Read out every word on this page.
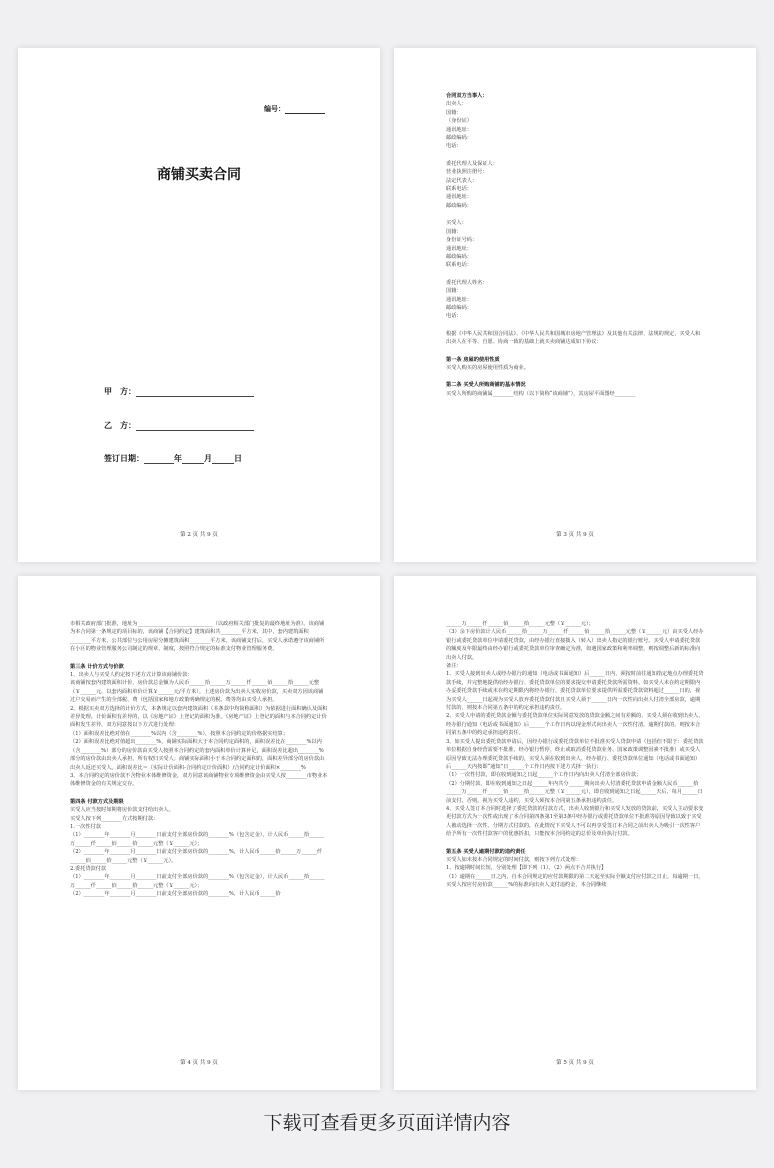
编号：
商铺买卖合同
甲　方：
乙　方：
签订日期：	年	月	日
第 2 页 共 9 页
合同双方当事人：
出卖人：
国籍：
（身份证）
通讯地址：
邮政编码：
电话：
委托代理人及保证人：
营业执照注册号：
法定代表人：
联系电话：
通讯地址：
邮政编码：
买受人：
国籍：
身份证号码：
通讯地址：
邮政编码：
联系电话：
委托代理人姓名：
国籍：
通讯地址：
邮政编码：
电话：
根据《中华人民共和国合同法》、《中华人民共和国城市房地产管理法》及其他有关法律、法规的规定，买受人和出卖人在平等、自愿、协商一致的基础上就买卖商铺达成如下协议：
第一条 房屋的使用性质
买受人购买的房屋使用性质为商业。
第二条 买受人所购商铺的基本情况
买受人所购的商铺属________结构（以下简称“该商铺”），其房屋平面图经________
第 3 页 共 9 页
市相关政府部门批准，地址为_____________________________（以政府相关部门批复的最终地址为准）。该商铺为本合同第一条规定的项目标的，该商铺【合同约定】建筑面积共________平方米，其中，套内建筑面积________平方米，公共部位与公用房屋分摊建筑面积________平方米。该商铺支付后，买受人承诺遵守该商铺所在小区的物业管理服务公司制定的规章、制度，按照符合规定的标准支付物业管理服务费。
第三条 计价方式与价款
1、出卖人与买受人约定按下述方式计算该商铺价款：
该商铺按套内建筑面积计价，房价款总金额为人民币______拾______万______仟______佰______拾______元整（￥______元，以套内面积单价计算￥______元/平方米）。上述房价款为出卖人实收房价款，买卖双方因该商铺过户交易而产生的全部税、费（包括国家和地方政策明确规定的税、费等均由买受人承担。
2、根据买卖双方选择的计价方式，本条规定以套内建筑面积（本条款中均简称面积）为依据进行面积确认及面积差异处理。计价面积有差异的，以《房地产证》上登记的面积为准。《房地产证》上登记的面积与本合同约定计价面积发生差异，双方同意按以下方式进行处理：
（1）面积误差比绝对值在________%以内（含________%），按照本合同约定的价格据实结算；
（2）面积误差比绝对值超出________%，商铺实际面积大于本合同约定面积的，面积误差比在________%以内（含________%）部分的房价款由买受人按照本合同约定的套内面积单价计算补足，面积误差比超出________%部分的房价款由出卖人承担，所有权归买受人；商铺实际面积小于本合同约定面积的，面积差异部分的房价款由出卖人返还买受人。面积误差比＝（实际计价面积-合同约定计价面积）/合同约定计价面积×________%
3、本合同约定的房价款不含物业本体维修资金，双方同意该商铺物业专项维修资金由买受人按________市物业本体维修资金的有关规定交存。
第四条 付款方式及期限
买受人应当按时如期将房价款支付给出卖人。
买受人按下列________方式按期付款：
1.一次性付款
（1）________年________月________日前支付全部房价款的________%（包含定金），计人民币______拾______万______仟______佰______拾______元整（￥______元）；
（2）________年________月________日前支付全部房价款的________%，计人民币______拾______万______仟______佰______拾______元整（￥______元）。
2.委托贷款付款
（1）________年________月________日前支付全部房价款的________%（包含定金），计人民币______拾______万______仟______佰______拾______元整（￥______元）；
（2）________年________月________日前支付全部房价款的________%，计人民币______拾
第 4 页 共 9 页
______万______仟______佰______拾______元整（￥______元）；
（3）余下房价款计人民币______拾______万______仟______佰______拾______元整（￥______元）由买受人经办银行或委托贷款单位申请委托贷款，由经办银行直接拨入（转入）出卖人指定的银行账号。买受人申请委托贷款的额度及年限最终由经办银行或委托贷款单位审查确定为准，如遇国家政策和利率调整，则按调整后新的标准向出卖人付款。
备注：
1、买受人接到出卖人或经办银行的通知（电话或书面通知）后______日内，须按时前往通知指定地点办理委托贷款手续，并完整地提供给经办银行、委托贷款单位的要求提交申请委托贷款所需资料。如买受人未在约定期限内办妥委托贷款手续或未在约定期限内将经办银行、委托贷款单位要求提供所需委托贷款资料超过______日的，视为买受人______日起视为买受人放弃委托贷款付款且买受人须于______日内一次性向出卖人付清全部房款，逾期付款的，则按本合同第五条中的约定承担违约责任。
2、买受人申请的委托贷款金额与委托贷款单位实际同意发放的贷款金额之间有差额的，买受人须在收到出卖人、经办银行通知（电话或书面通知）后______个工作日内以现金形式向出卖人一次性付清，逾期付款的，则按本合同第五条中的约定承担违约责任。
3、如买受人提出委托贷款申请后，因经办银行或委托贷款单位不批准买受人贷款申请（包括但不限于：委托贷款单位根据自身经营需要不批准、经办银行暂停、终止或取消委托贷款业务、国家政策调整因素不批准）或买受人原因导致无法办理委托贷款手续的，买受人须在收到出卖人、经办银行、委托贷款单位通知（电话或书面通知）后______天内按即“通知”日______个工作日内按下述方式择一执行：
（1）一次性付款，即在收到通知之日起______个工作日内向出卖人付清全部房价款；
（2）分期付款，即在收到通知之日起______年内共分______期向出卖人付清委托贷款申请金额人民币______拾______万______仟______佰______拾______元整（￥______元），即自收到通知之日起______天后，每月______日前支付，否则，视为买受人违约，买受人须按本合同第五条承担违约责任。
4、买受人签订本合同时选择了委托贷款的付款方式，出卖人收到银行和买受人发放的贷款前，买受人主动要求变更付款方式为一次性或出现了本合同第四条第1至第3条中经办银行或委托贷款单位不批准等原因导致以致于买受人被动选择一次性、分期方式付款的，在此情况下买受人不可以再享受签订本合同之前出卖人为吸引一次性客户给予所有一次性付款客户的优惠折扣，只能按本合同约定的总价及单价执行付款。
第五条 买受人逾期付款的违约责任
买受人如未按本合同规定的时间付款，则按下列方式处理：
1、按逾期时间长短，分别处理【即下列（1）、（2）两点不合并执行】
（1）逾期在______日之内，自本合同规定的应付款期限的第二天起至实际全额支付应付款之日止，每逾期一日，买受人按应付房价款______%的标准向出卖人支付违约金，本合同继续
第 5 页 共 9 页
下载可查看更多页面详情内容
